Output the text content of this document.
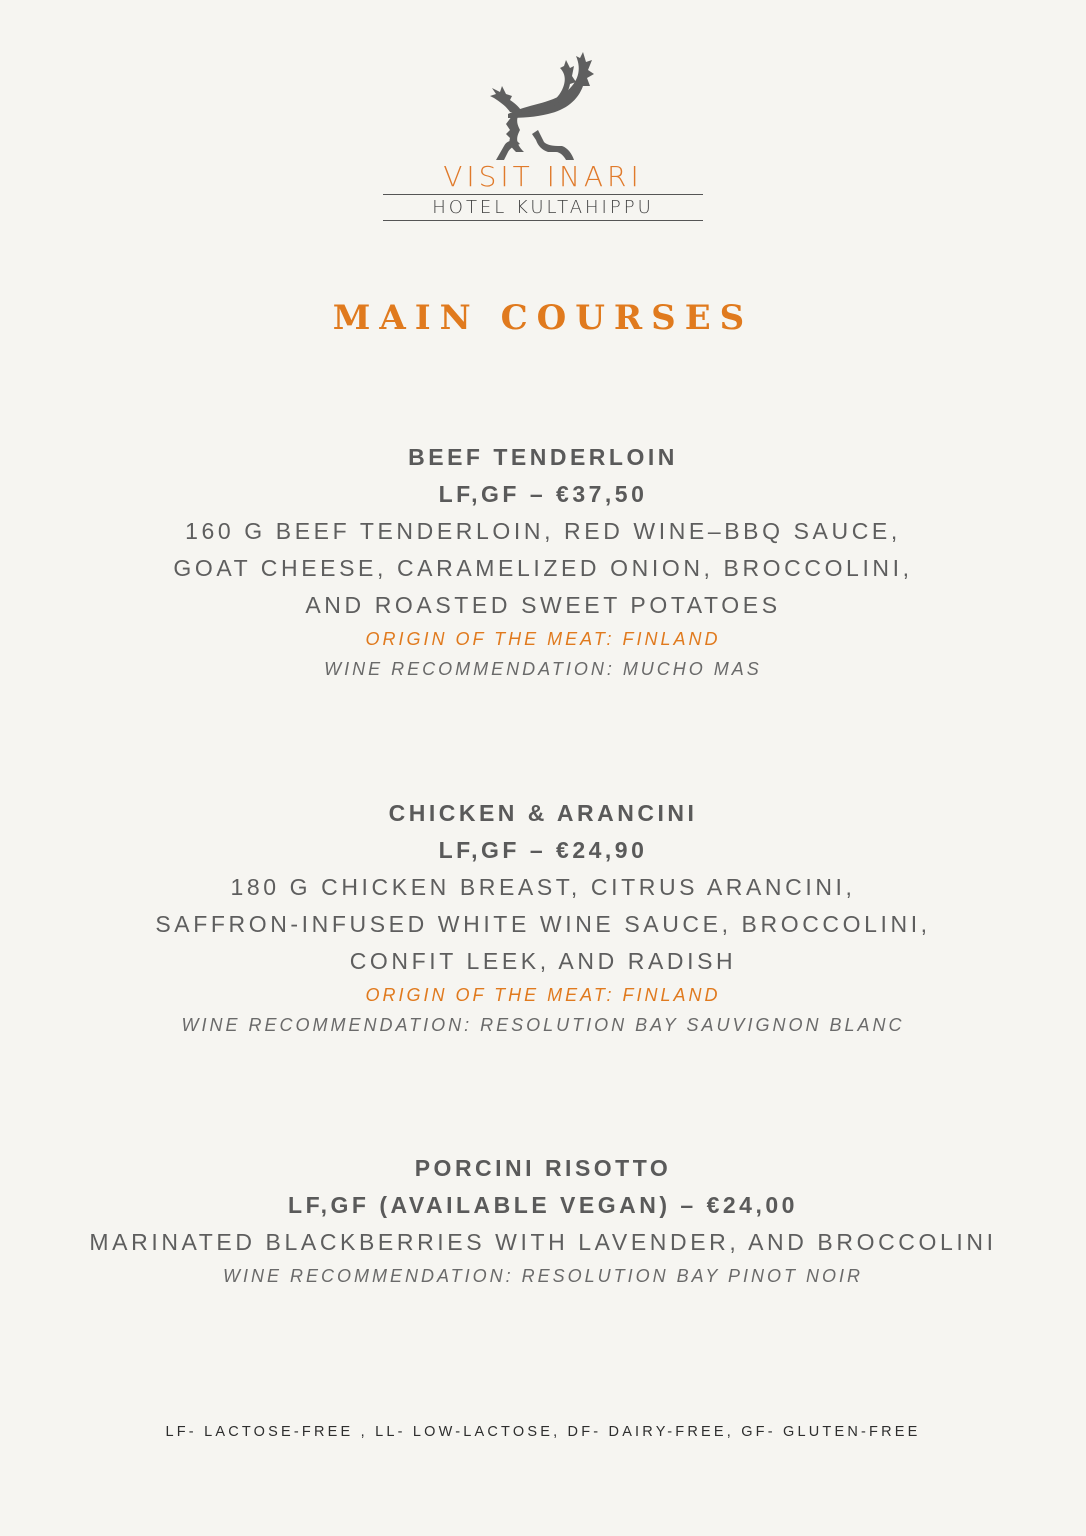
VISIT INARI
HOTEL KULTAHIPPU
MAIN COURSES
BEEF TENDERLOIN
LF,GF – €37,50
160 G BEEF TENDERLOIN, RED WINE–BBQ SAUCE,
GOAT CHEESE, CARAMELIZED ONION, BROCCOLINI,
AND ROASTED SWEET POTATOES
ORIGIN OF THE MEAT: FINLAND
WINE RECOMMENDATION: MUCHO MAS
CHICKEN & ARANCINI
LF,GF – €24,90
180 G CHICKEN BREAST, CITRUS ARANCINI,
SAFFRON-INFUSED WHITE WINE SAUCE, BROCCOLINI,
CONFIT LEEK, AND RADISH
ORIGIN OF THE MEAT: FINLAND
WINE RECOMMENDATION: RESOLUTION BAY SAUVIGNON BLANC
PORCINI RISOTTO
LF,GF (AVAILABLE VEGAN) – €24,00
MARINATED BLACKBERRIES WITH LAVENDER, AND BROCCOLINI
WINE RECOMMENDATION: RESOLUTION BAY PINOT NOIR
LF- LACTOSE-FREE , LL- LOW-LACTOSE, DF- DAIRY-FREE, GF- GLUTEN-FREE
